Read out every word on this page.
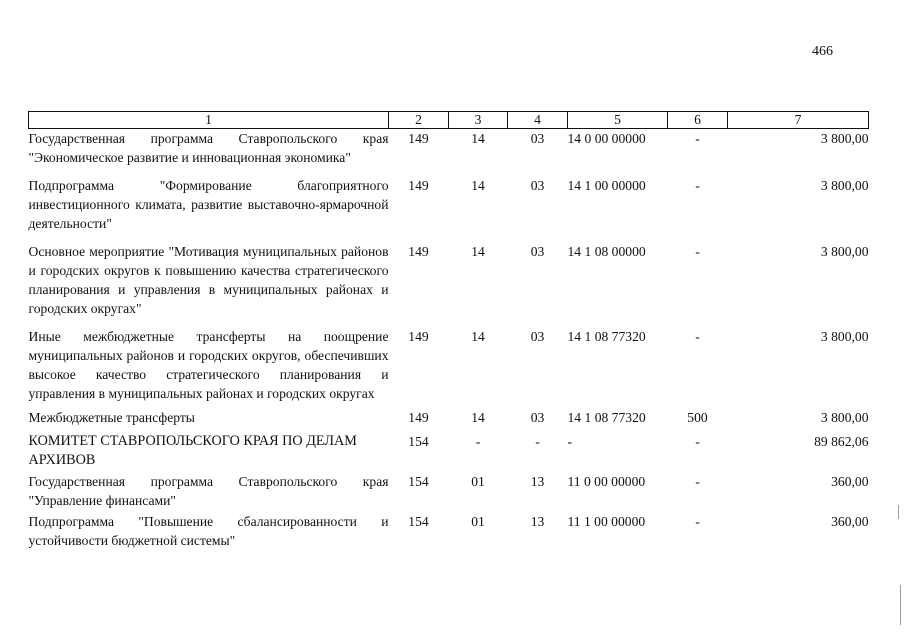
466
1	2	3	4	5	6	7
Государственная программа Ставропольского края "Экономическое развитие и инновационная экономика"	149	14	03	14 0 00 00000	-	3 800,00
Подпрограмма "Формирование благоприятного инвестиционного климата, развитие выставочно-ярмарочной деятельности"	149	14	03	14 1 00 00000	-	3 800,00
Основное мероприятие "Мотивация муниципальных районов и городских округов к повышению качества стратегического планирования и управления в муниципальных районах и городских округах"	149	14	03	14 1 08 00000	-	3 800,00
Иные межбюджетные трансферты на поощрение муниципальных районов и городских округов, обеспечивших высокое качество стратегического планирования и управления в муниципальных районах и городских округах	149	14	03	14 1 08 77320	-	3 800,00
Межбюджетные трансферты	149	14	03	14 1 08 77320	500	3 800,00
КОМИТЕТ СТАВРОПОЛЬСКОГО КРАЯ ПО ДЕЛАМ АРХИВОВ	154	-	-	-	-	89 862,06
Государственная программа Ставропольского края "Управление финансами"	154	01	13	11 0 00 00000	-	360,00
Подпрограмма "Повышение сбалансированности и устойчивости бюджетной системы"	154	01	13	11 1 00 00000	-	360,00
